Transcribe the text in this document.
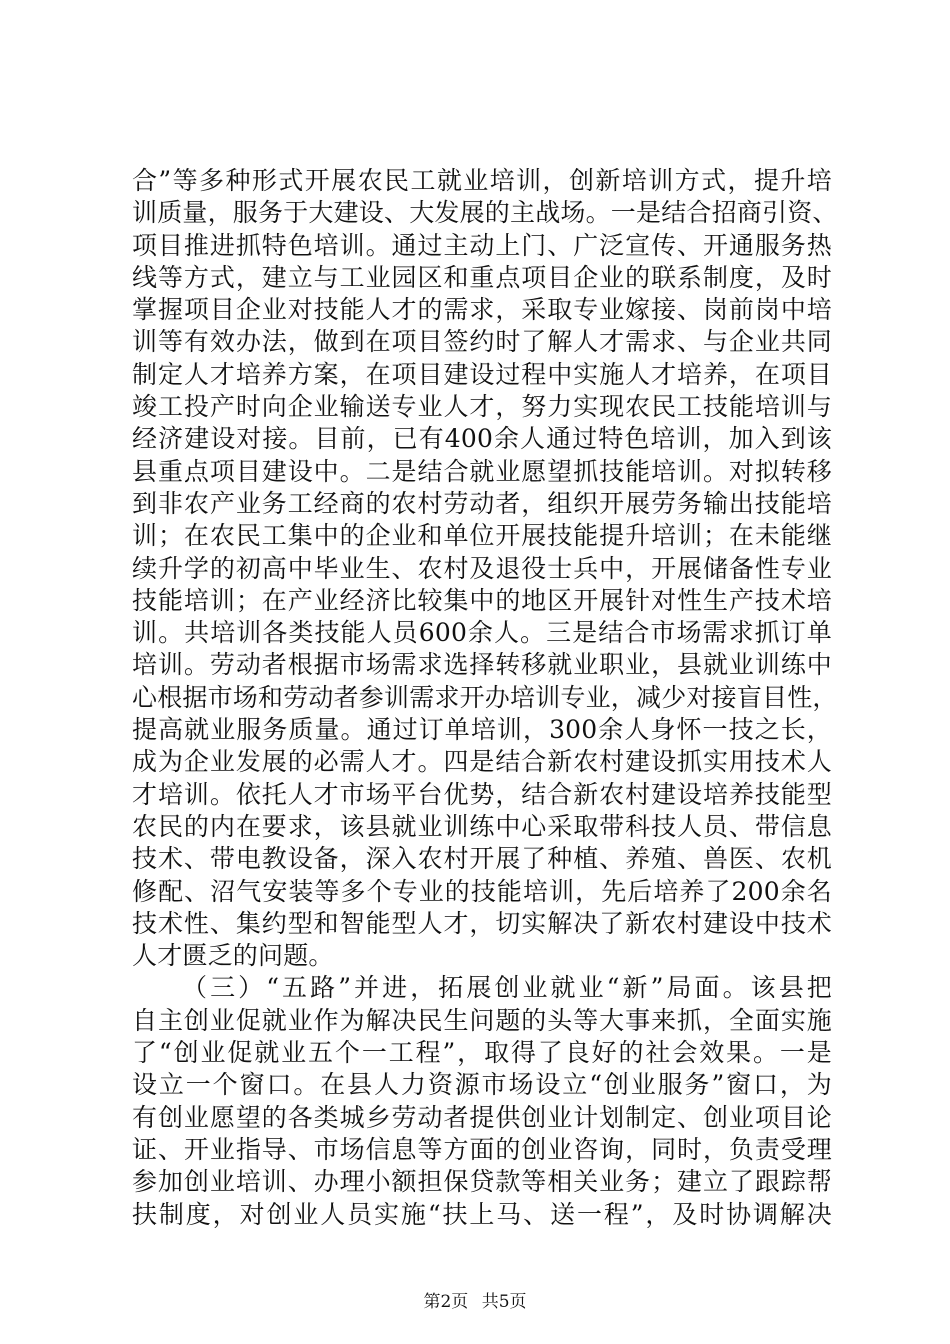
合”等多种形式开展农民工就业培训，创新培训方式，提升培
训质量，服务于大建设、大发展的主战场。一是结合招商引资、
项目推进抓特色培训。通过主动上门、广泛宣传、开通服务热
线等方式，建立与工业园区和重点项目企业的联系制度，及时
掌握项目企业对技能人才的需求，采取专业嫁接、岗前岗中培
训等有效办法，做到在项目签约时了解人才需求、与企业共同
制定人才培养方案，在项目建设过程中实施人才培养，在项目
竣工投产时向企业输送专业人才，努力实现农民工技能培训与
经济建设对接。目前，已有400余人通过特色培训，加入到该
县重点项目建设中。二是结合就业愿望抓技能培训。对拟转移
到非农产业务工经商的农村劳动者，组织开展劳务输出技能培
训；在农民工集中的企业和单位开展技能提升培训；在未能继
续升学的初高中毕业生、农村及退役士兵中，开展储备性专业
技能培训；在产业经济比较集中的地区开展针对性生产技术培
训。共培训各类技能人员600余人。三是结合市场需求抓订单
培训。劳动者根据市场需求选择转移就业职业，县就业训练中
心根据市场和劳动者参训需求开办培训专业，减少对接盲目性，
提高就业服务质量。通过订单培训，300余人身怀一技之长，
成为企业发展的必需人才。四是结合新农村建设抓实用技术人
才培训。依托人才市场平台优势，结合新农村建设培养技能型
农民的内在要求，该县就业训练中心采取带科技人员、带信息
技术、带电教设备，深入农村开展了种植、养殖、兽医、农机
修配、沼气安装等多个专业的技能培训，先后培养了200余名
技术性、集约型和智能型人才，切实解决了新农村建设中技术
人才匮乏的问题。
（三）“五路”并进，拓展创业就业“新”局面。该县把
自主创业促就业作为解决民生问题的头等大事来抓，全面实施
了“创业促就业五个一工程”，取得了良好的社会效果。一是
设立一个窗口。在县人力资源市场设立“创业服务”窗口，为
有创业愿望的各类城乡劳动者提供创业计划制定、创业项目论
证、开业指导、市场信息等方面的创业咨询，同时，负责受理
参加创业培训、办理小额担保贷款等相关业务；建立了跟踪帮
扶制度，对创业人员实施“扶上马、送一程”，及时协调解决
第2页 共5页
